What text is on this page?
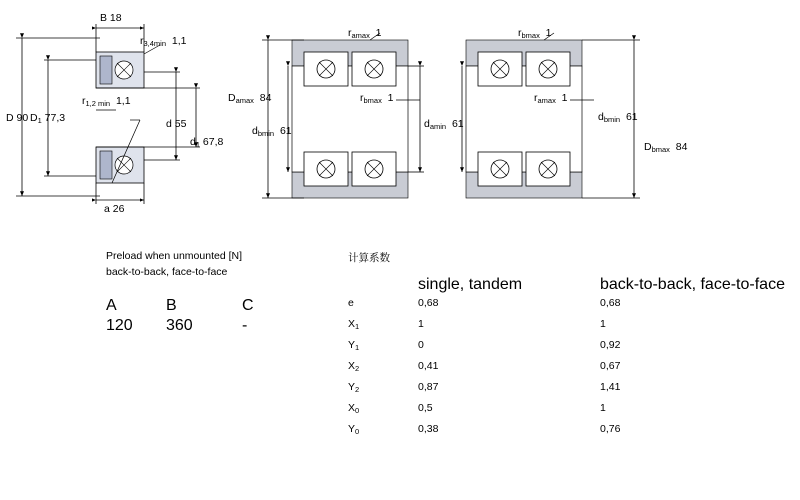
B 18
$r_{3,4min}$  1,1
D 90 $D_1$ 77,3
$r_{1,2 min}$  1,1
d 55
$d_1$ 67,8
a 26
$r_{amax}$  1
$D_{amax}$  84
$d_{bmin}$  61
$r_{bmax}$  1
$d_{amin}$  61
$r_{bmax}$  1
$r_{amax}$  1
$d_{bmin}$  61
$D_{bmax}$  84
Preload when unmounted [N]
back-to-back, face-to-face
A	B	C
120 360	-
计算系数
single, tandem	back-to-back, face-to-face
e	0,68	0,68
$X_1$	1	1
$Y_1$	0	0,92
$X_2$	0,41	0,67
$Y_2$	0,87	1,41
$X_0$	0,5	1
$Y_0$	0,38	0,76
